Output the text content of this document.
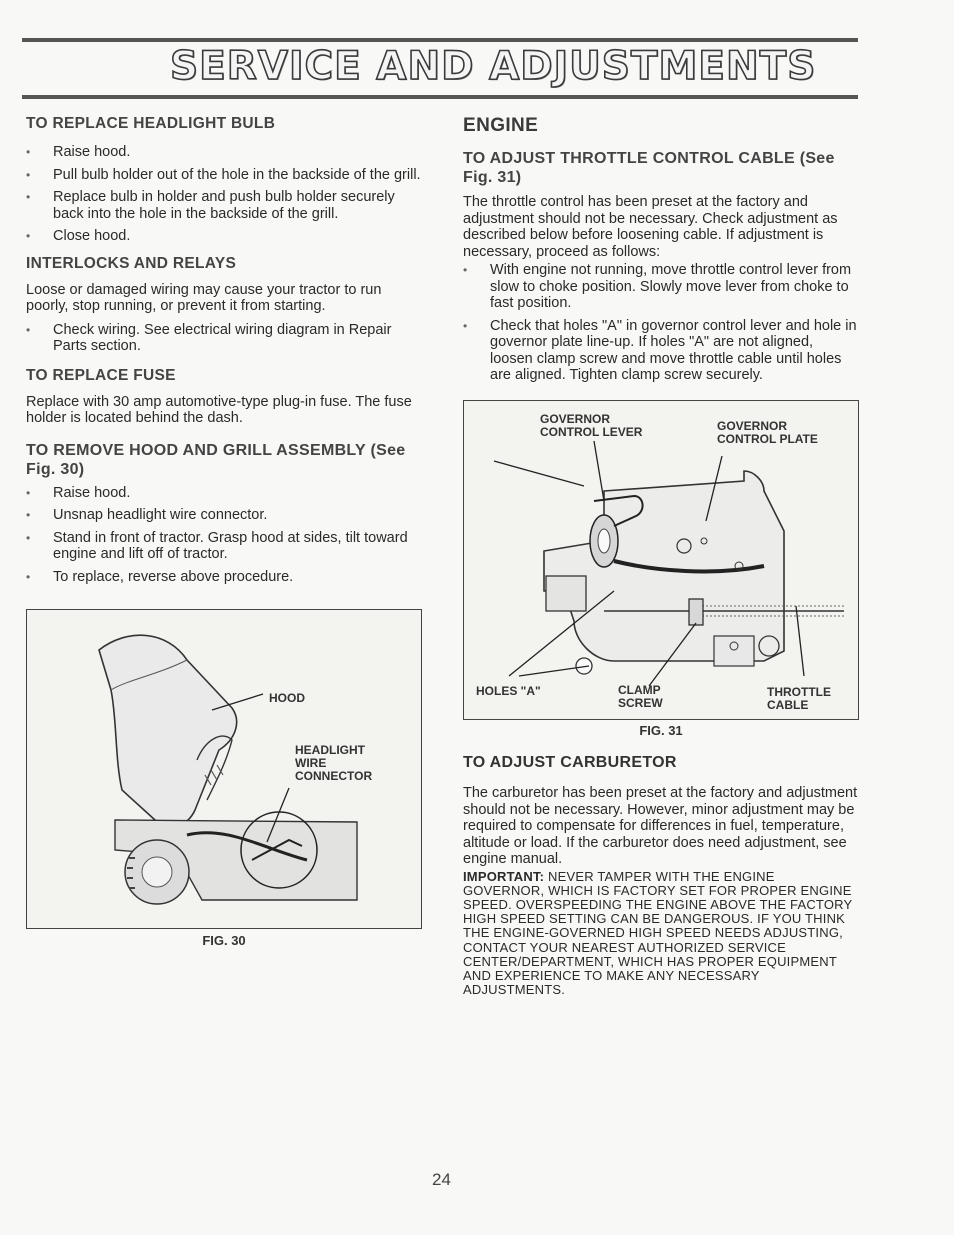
SERVICE AND ADJUSTMENTS
TO REPLACE HEADLIGHT BULB
• Raise hood.
• Pull bulb holder out of the hole in the backside of the grill.
• Replace bulb in holder and push bulb holder securely back into the hole in the backside of the grill.
• Close hood.
INTERLOCKS AND RELAYS

Loose or damaged wiring may cause your tractor to run poorly, stop running, or prevent it from starting.

• Check wiring. See electrical wiring diagram in Repair Parts section.
TO REPLACE FUSE

Replace with 30 amp automotive-type plug-in fuse. The fuse holder is located behind the dash.

TO REMOVE HOOD AND GRILL ASSEMBLY (See Fig. 30)
• Raise hood.
• Unsnap headlight wire connector.
• Stand in front of tractor. Grasp hood at sides, tilt toward engine and lift off of tractor.
• To replace, reverse above procedure.
HOOD
HEADLIGHT
WIRE
CONNECTOR
FIG. 30
ENGINE
TO ADJUST THROTTLE CONTROL CABLE (See Fig. 31)

The throttle control has been preset at the factory and adjustment should not be necessary. Check adjustment as described below before loosening cable. If adjustment is necessary, proceed as follows:

• With engine not running, move throttle control lever from slow to choke position. Slowly move lever from choke to fast position.
• Check that holes "A" in governor control lever and hole in governor plate line-up. If holes "A" are not aligned, loosen clamp screw and move throttle cable until holes are aligned. Tighten clamp screw securely.
GOVERNOR
CONTROL LEVER	GOVERNOR
CONTROL PLATE
HOLES "A"	CLAMP
SCREW
THROTTLE
CABLE
FIG. 31
TO ADJUST CARBURETOR

The carburetor has been preset at the factory and adjustment should not be necessary. However, minor adjustment may be required to compensate for differences in fuel, temperature, altitude or load. If the carburetor does need adjustment, see engine manual.

IMPORTANT: NEVER TAMPER WITH THE ENGINE GOVERNOR, WHICH IS FACTORY SET FOR PROPER ENGINE SPEED. OVERSPEEDING THE ENGINE ABOVE THE FACTORY HIGH SPEED SETTING CAN BE DANGEROUS. IF YOU THINK THE ENGINE-GOVERNED HIGH SPEED NEEDS ADJUSTING, CONTACT YOUR NEAREST AUTHORIZED SERVICE CENTER/DEPARTMENT, WHICH HAS PROPER EQUIPMENT AND EXPERIENCE TO MAKE ANY NECESSARY ADJUSTMENTS.

24
